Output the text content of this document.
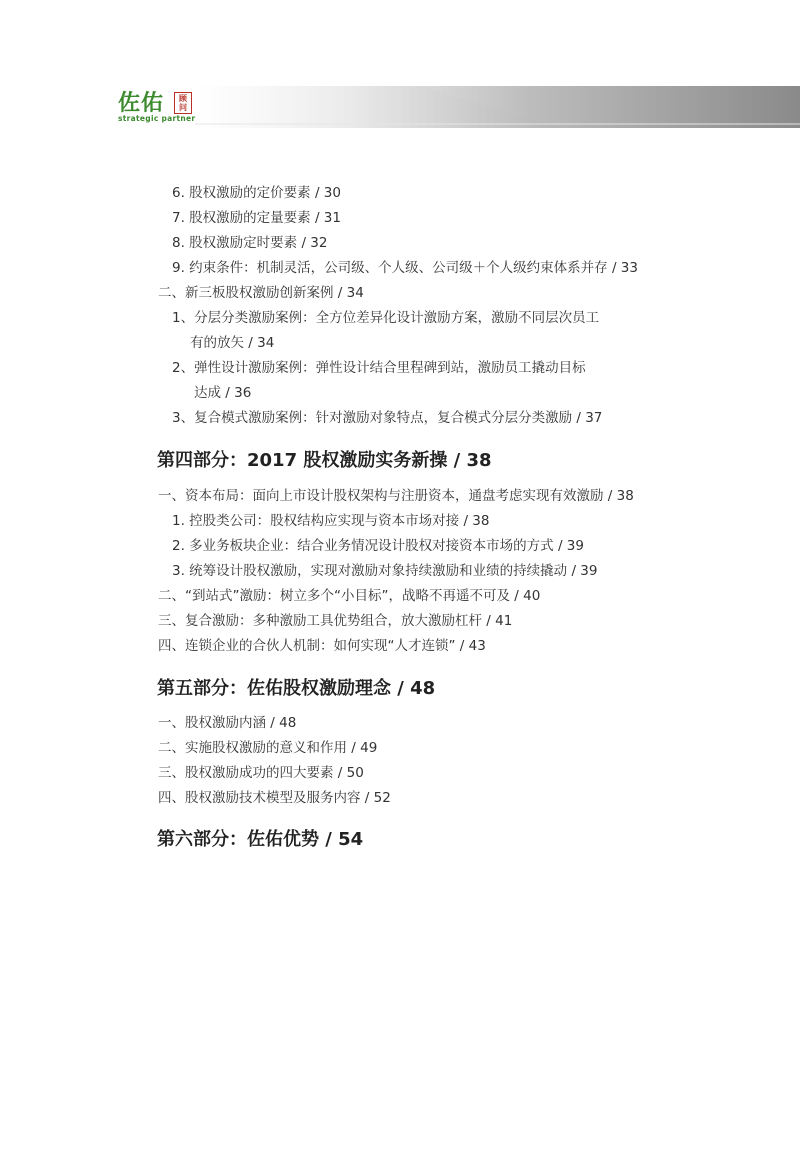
佐佑 顾
问
strategic partner
6. 股权激励的定价要素 / 30
7. 股权激励的定量要素 / 31
8. 股权激励定时要素 / 32
9. 约束条件：机制灵活，公司级、个人级、公司级＋个人级约束体系并存 / 33
二、新三板股权激励创新案例 / 34
1、分层分类激励案例：全方位差异化设计激励方案，激励不同层次员工
有的放矢 / 34
2、弹性设计激励案例：弹性设计结合里程碑到站，激励员工撬动目标
达成 / 36
3、复合模式激励案例：针对激励对象特点，复合模式分层分类激励 / 37
第四部分：2017 股权激励实务新操 / 38
一、资本布局：面向上市设计股权架构与注册资本，通盘考虑实现有效激励 / 38
1. 控股类公司：股权结构应实现与资本市场对接 / 38
2. 多业务板块企业：结合业务情况设计股权对接资本市场的方式 / 39
3. 统筹设计股权激励，实现对激励对象持续激励和业绩的持续撬动 / 39
二、“到站式”激励：树立多个“小目标”，战略不再遥不可及 / 40
三、复合激励：多种激励工具优势组合，放大激励杠杆 / 41
四、连锁企业的合伙人机制：如何实现“人才连锁” / 43
第五部分：佐佑股权激励理念 / 48
一、股权激励内涵 / 48
二、实施股权激励的意义和作用 / 49
三、股权激励成功的四大要素 / 50
四、股权激励技术模型及服务内容 / 52
第六部分：佐佑优势 / 54
